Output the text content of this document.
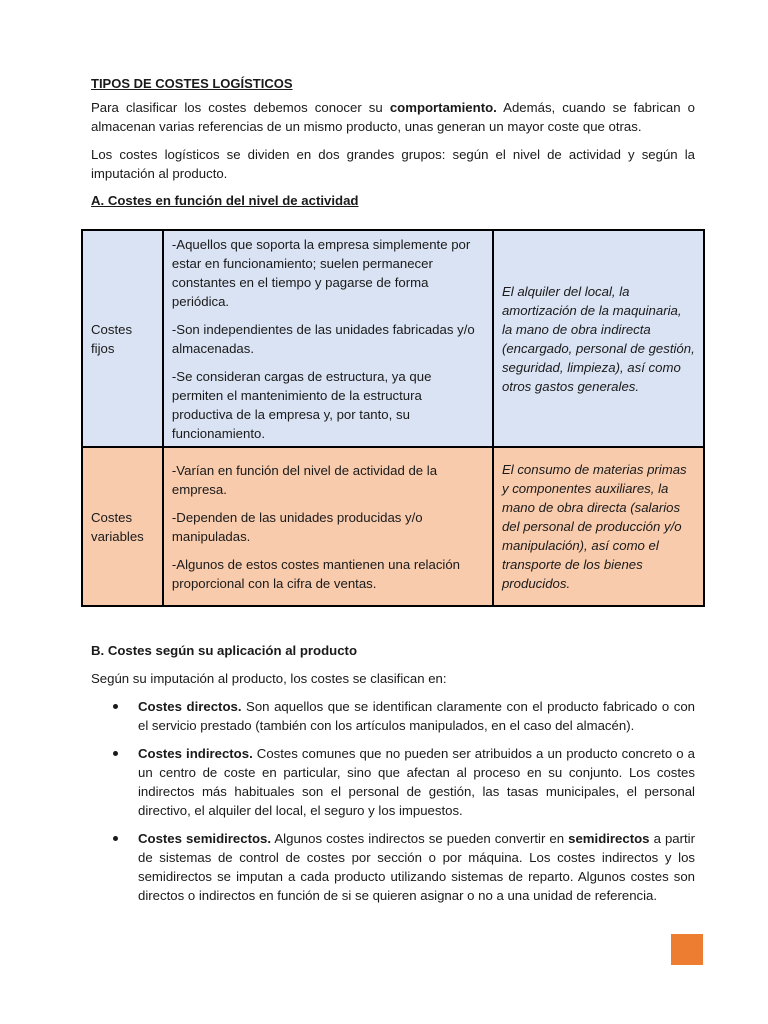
TIPOS DE COSTES LOGÍSTICOS

Para clasificar los costes debemos conocer su comportamiento. Además, cuando se fabrican o almacenan varias referencias de un mismo producto, unas generan un mayor coste que otras.

Los costes logísticos se dividen en dos grandes grupos: según el nivel de actividad y según la imputación al producto.

A. Costes en función del nivel de actividad

Costes fijos	-Aquellos que soporta la empresa simplemente por estar en funcionamiento; suelen permanecer constantes en el tiempo y pagarse de forma periódica.

-Son independientes de las unidades fabricadas y/o almacenadas.

-Se consideran cargas de estructura, ya que permiten el mantenimiento de la estructura productiva de la empresa y, por tanto, su funcionamiento.	El alquiler del local, la amortización de la maquinaria, la mano de obra indirecta (encargado, personal de gestión, seguridad, limpieza), así como otros gastos generales.
Costes variables	-Varían en función del nivel de actividad de la empresa.

-Dependen de las unidades producidas y/o manipuladas.

-Algunos de estos costes mantienen una relación proporcional con la cifra de ventas.	El consumo de materias primas y componentes auxiliares, la mano de obra directa (salarios del personal de producción y/o manipulación), así como el transporte de los bienes producidos.

B. Costes según su aplicación al producto

Según su imputación al producto, los costes se clasifican en:

Costes directos. Son aquellos que se identifican claramente con el producto fabricado o con el servicio prestado (también con los artículos manipulados, en el caso del almacén).
Costes indirectos. Costes comunes que no pueden ser atribuidos a un producto concreto o a un centro de coste en particular, sino que afectan al proceso en su conjunto. Los costes indirectos más habituales son el personal de gestión, las tasas municipales, el personal directivo, el alquiler del local, el seguro y los impuestos.
Costes semidirectos. Algunos costes indirectos se pueden convertir en semidirectos a partir de sistemas de control de costes por sección o por máquina. Los costes indirectos y los semidirectos se imputan a cada producto utilizando sistemas de reparto. Algunos costes son directos o indirectos en función de si se quieren asignar o no a una unidad de referencia.
